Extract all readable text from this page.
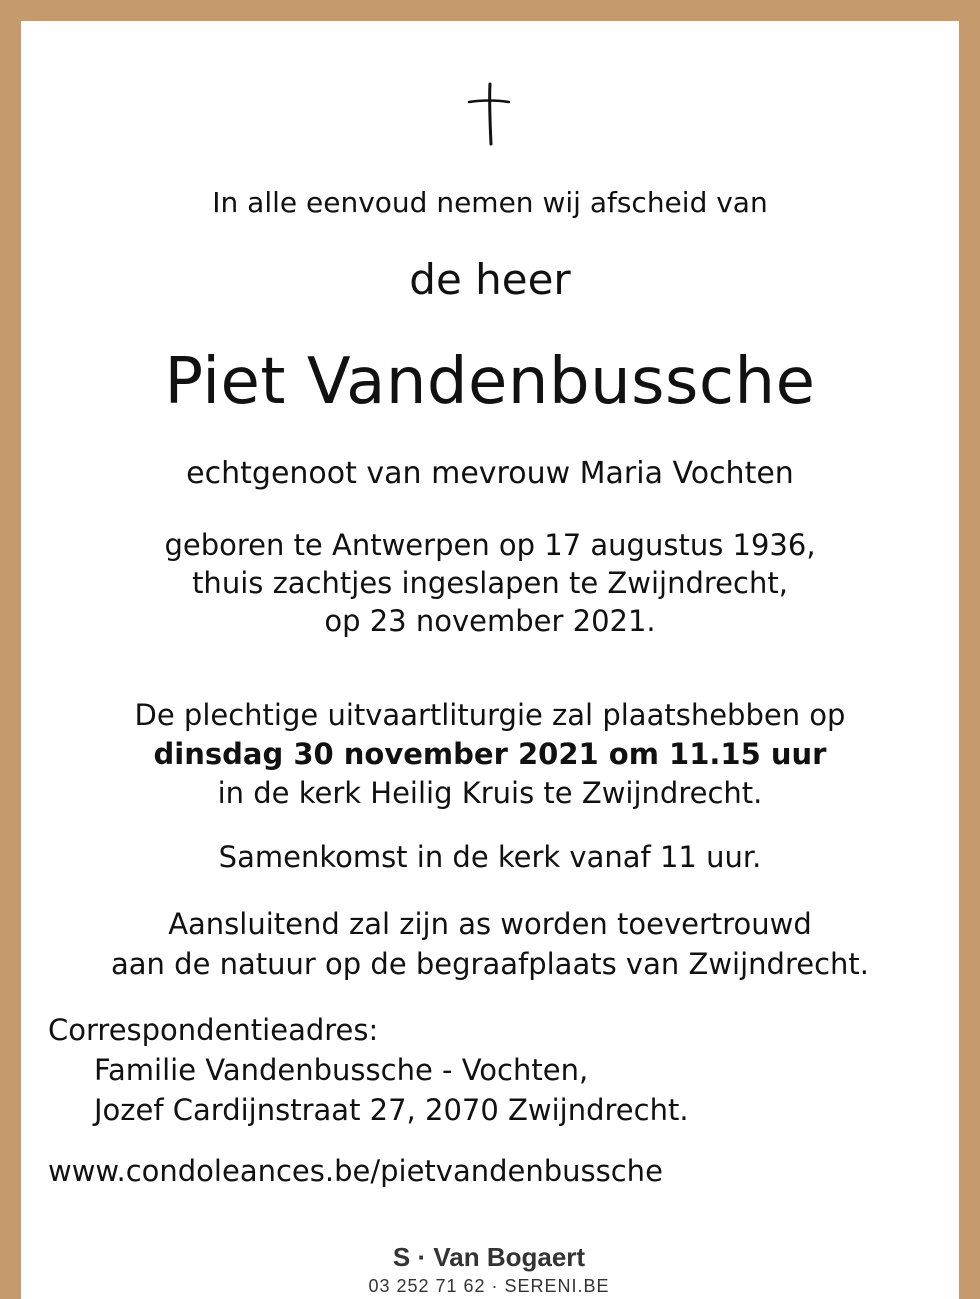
In alle eenvoud nemen wij afscheid van
de heer
Piet Vandenbussche
echtgenoot van mevrouw Maria Vochten
geboren te Antwerpen op 17 augustus 1936,
thuis zachtjes ingeslapen te Zwijndrecht,
op 23 november 2021.
De plechtige uitvaartliturgie zal plaatshebben op
dinsdag 30 november 2021 om 11.15 uur
in de kerk Heilig Kruis te Zwijndrecht.
Samenkomst in de kerk vanaf 11 uur.
Aansluitend zal zijn as worden toevertrouwd
aan de natuur op de begraafplaats van Zwijndrecht.
Correspondentieadres:
Familie Vandenbussche - Vochten,
Jozef Cardijnstraat 27, 2070 Zwijndrecht.
www.condoleances.be/pietvandenbussche
S · Van Bogaert
03 252 71 62 · SERENI.BE
